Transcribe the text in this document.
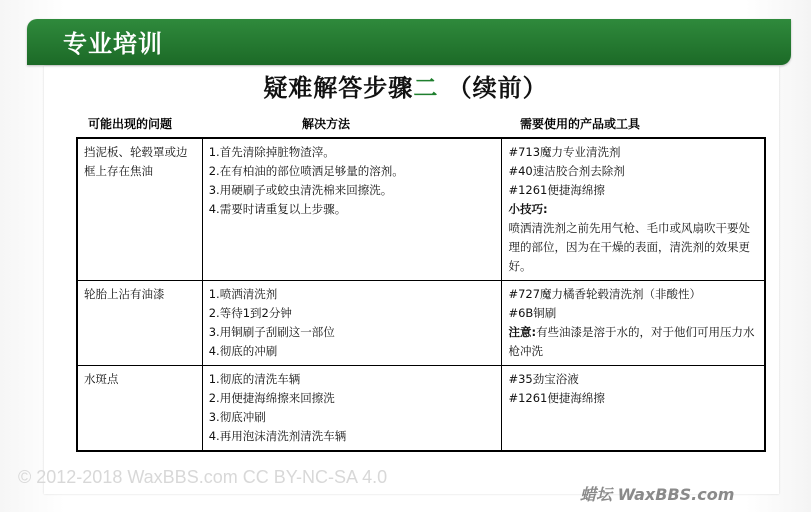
专业培训
疑难解答步骤二 （续前）
可能出现的问题	解决方法	需要使用的产品或工具
挡泥板、轮毂罩或边框上存在焦油	1.首先清除掉脏物渣滓。
2.在有柏油的部位喷洒足够量的溶剂。
3.用硬刷子或蛟虫清洗棉来回擦洗。
4.需要时请重复以上步骤。	#713魔力专业清洗剂
#40速洁胶合剂去除剂
#1261便捷海绵擦
小技巧:
喷洒清洗剂之前先用气枪、毛巾或风扇吹干要处理的部位，因为在干燥的表面，清洗剂的效果更好。

轮胎上沾有油漆	1.喷洒清洗剂
2.等待1到2分钟
3.用铜刷子刮刷这一部位
4.彻底的冲刷	#727魔力橘香轮毂清洗剂（非酸性）
#6B铜刷
注意:有些油漆是溶于水的，对于他们可用压力水枪冲洗

水斑点	1.彻底的清洗车辆
2.用便捷海绵擦来回擦洗
3.彻底冲刷
4.再用泡沫清洗剂清洗车辆	#35劲宝浴液
#1261便捷海绵擦
© 2012-2018 WaxBBS.com CC BY-NC-SA 4.0
蜡坛 WaxBBS.com
